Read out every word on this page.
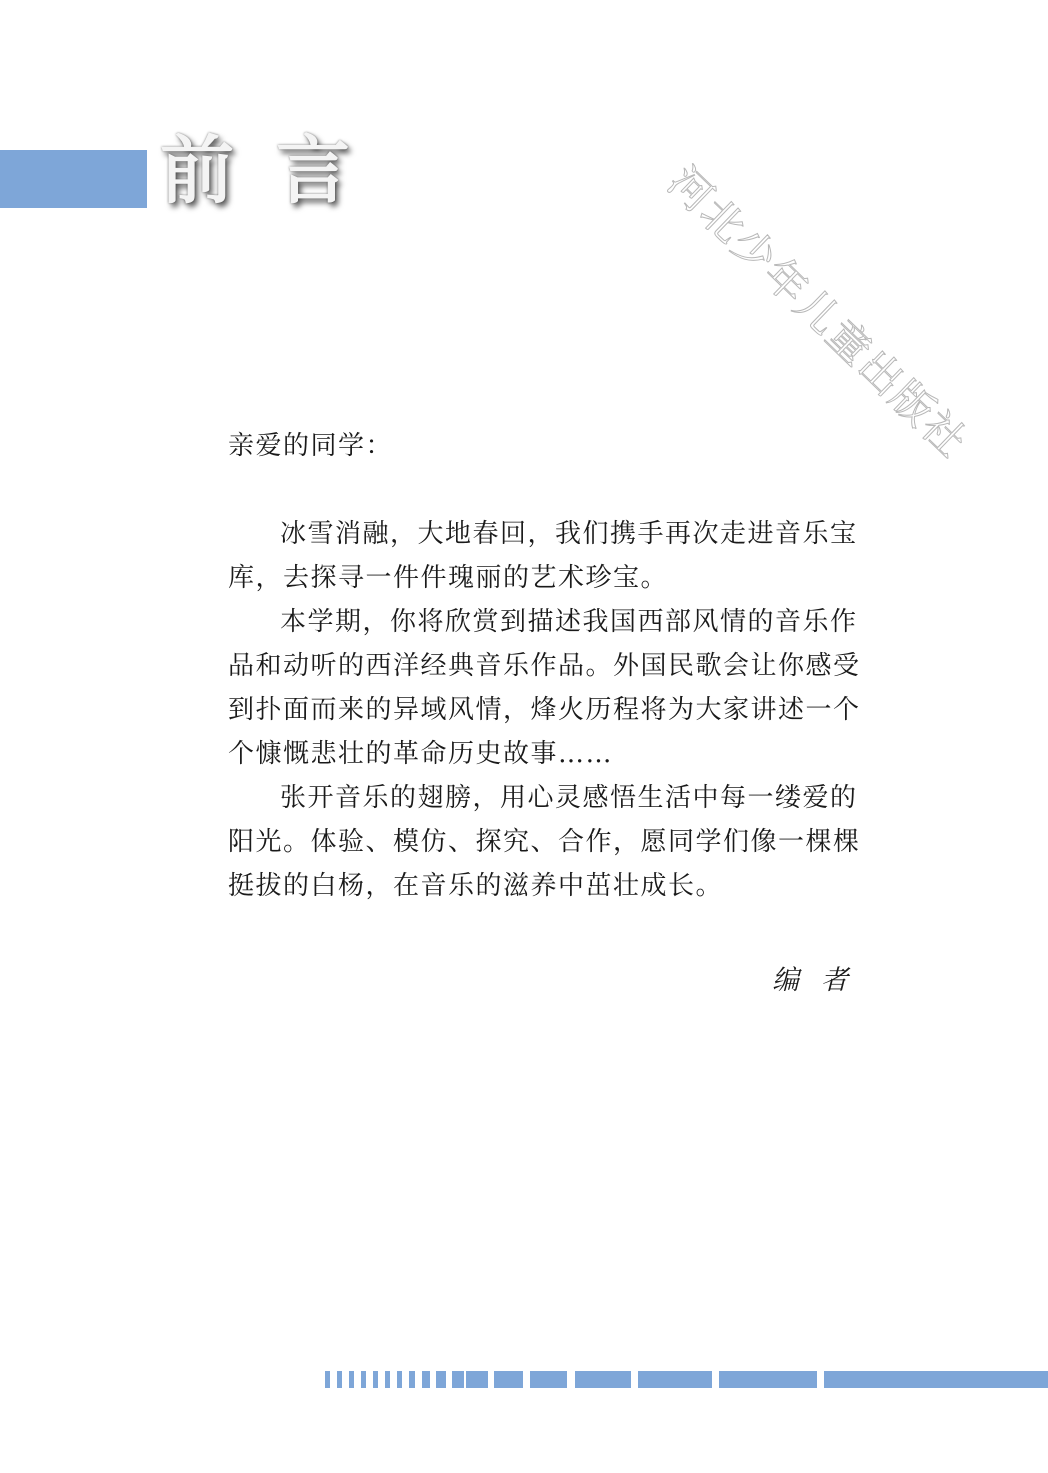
河北少年儿童出版社
前言
亲爱的同学：

冰雪消融，大地春回，我们携手再次走进音乐宝库，去探寻一件件瑰丽的艺术珍宝。

本学期，你将欣赏到描述我国西部风情的音乐作品和动听的西洋经典音乐作品。外国民歌会让你感受到扑面而来的异域风情，烽火历程将为大家讲述一个个慷慨悲壮的革命历史故事……

张开音乐的翅膀，用心灵感悟生活中每一缕爱的阳光。体验、模仿、探究、合作，愿同学们像一棵棵挺拔的白杨，在音乐的滋养中茁壮成长。

编者
